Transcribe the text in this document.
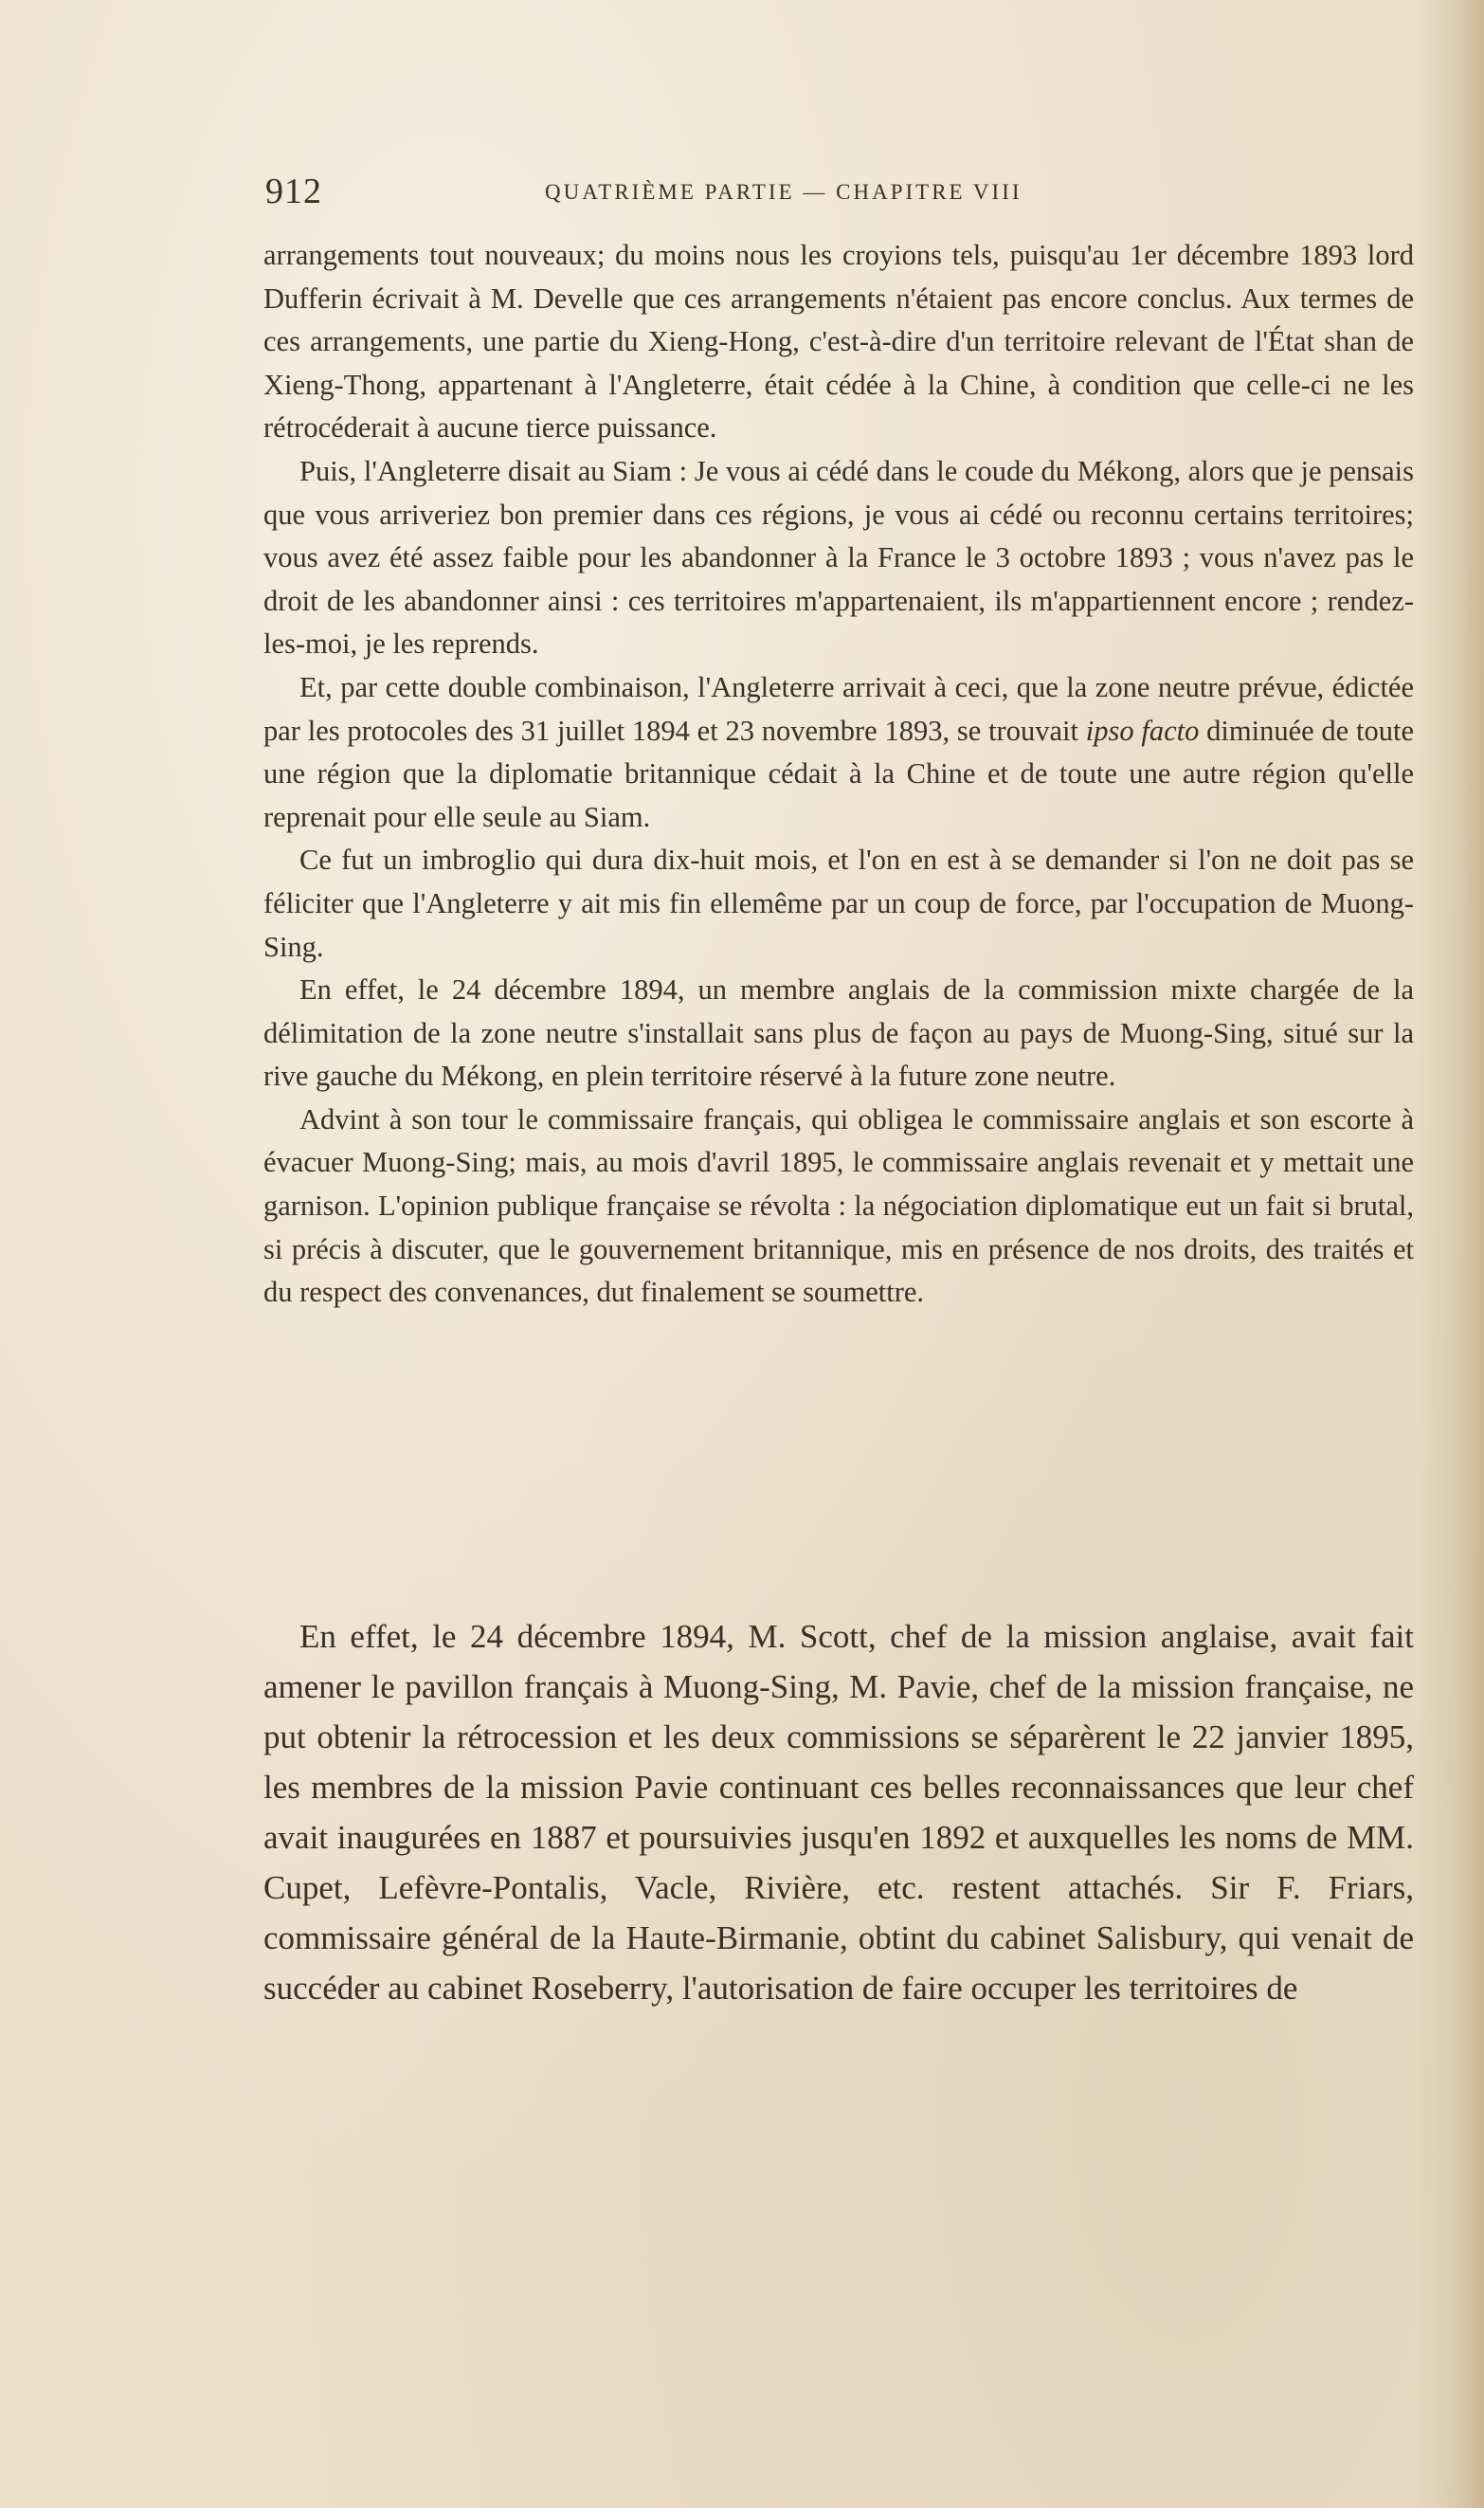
912	QUATRIÈME PARTIE — CHAPITRE VIII

arrangements tout nouveaux; du moins nous les croyions tels, puisqu'au 1er décembre 1893 lord Dufferin écrivait à M. Develle que ces arrangements n'étaient pas encore conclus. Aux termes de ces arrangements, une partie du Xieng-Hong, c'est-à-dire d'un territoire relevant de l'État shan de Xieng-Thong, appartenant à l'Angleterre, était cédée à la Chine, à condition que celle-ci ne les rétrocéderait à aucune tierce puissance.

Puis, l'Angleterre disait au Siam : Je vous ai cédé dans le coude du Mékong, alors que je pensais que vous arriveriez bon premier dans ces régions, je vous ai cédé ou reconnu certains territoires; vous avez été assez faible pour les abandonner à la France le 3 octobre 1893 ; vous n'avez pas le droit de les abandonner ainsi : ces territoires m'appartenaient, ils m'appartiennent encore ; rendez-les-moi, je les reprends.

Et, par cette double combinaison, l'Angleterre arrivait à ceci, que la zone neutre prévue, édictée par les protocoles des 31 juillet 1894 et 23 novembre 1893, se trouvait ipso facto diminuée de toute une région que la diplomatie britannique cédait à la Chine et de toute une autre région qu'elle reprenait pour elle seule au Siam.

Ce fut un imbroglio qui dura dix-huit mois, et l'on en est à se demander si l'on ne doit pas se féliciter que l'Angleterre y ait mis fin ellemême par un coup de force, par l'occupation de Muong-Sing.

En effet, le 24 décembre 1894, un membre anglais de la commission mixte chargée de la délimitation de la zone neutre s'installait sans plus de façon au pays de Muong-Sing, situé sur la rive gauche du Mékong, en plein territoire réservé à la future zone neutre.

Advint à son tour le commissaire français, qui obligea le commissaire anglais et son escorte à évacuer Muong-Sing; mais, au mois d'avril 1895, le commissaire anglais revenait et y mettait une garnison. L'opinion publique française se révolta : la négociation diplomatique eut un fait si brutal, si précis à discuter, que le gouvernement britannique, mis en présence de nos droits, des traités et du respect des convenances, dut finalement se soumettre.

En effet, le 24 décembre 1894, M. Scott, chef de la mission anglaise, avait fait amener le pavillon français à Muong-Sing, M. Pavie, chef de la mission française, ne put obtenir la rétrocession et les deux commissions se séparèrent le 22 janvier 1895, les membres de la mission Pavie continuant ces belles reconnaissances que leur chef avait inaugurées en 1887 et poursuivies jusqu'en 1892 et auxquelles les noms de MM. Cupet, Lefèvre-Pontalis, Vacle, Rivière, etc. restent attachés. Sir F. Friars, commissaire général de la Haute-Birmanie, obtint du cabinet Salisbury, qui venait de succéder au cabinet Roseberry, l'autorisation de faire occuper les territoires de
